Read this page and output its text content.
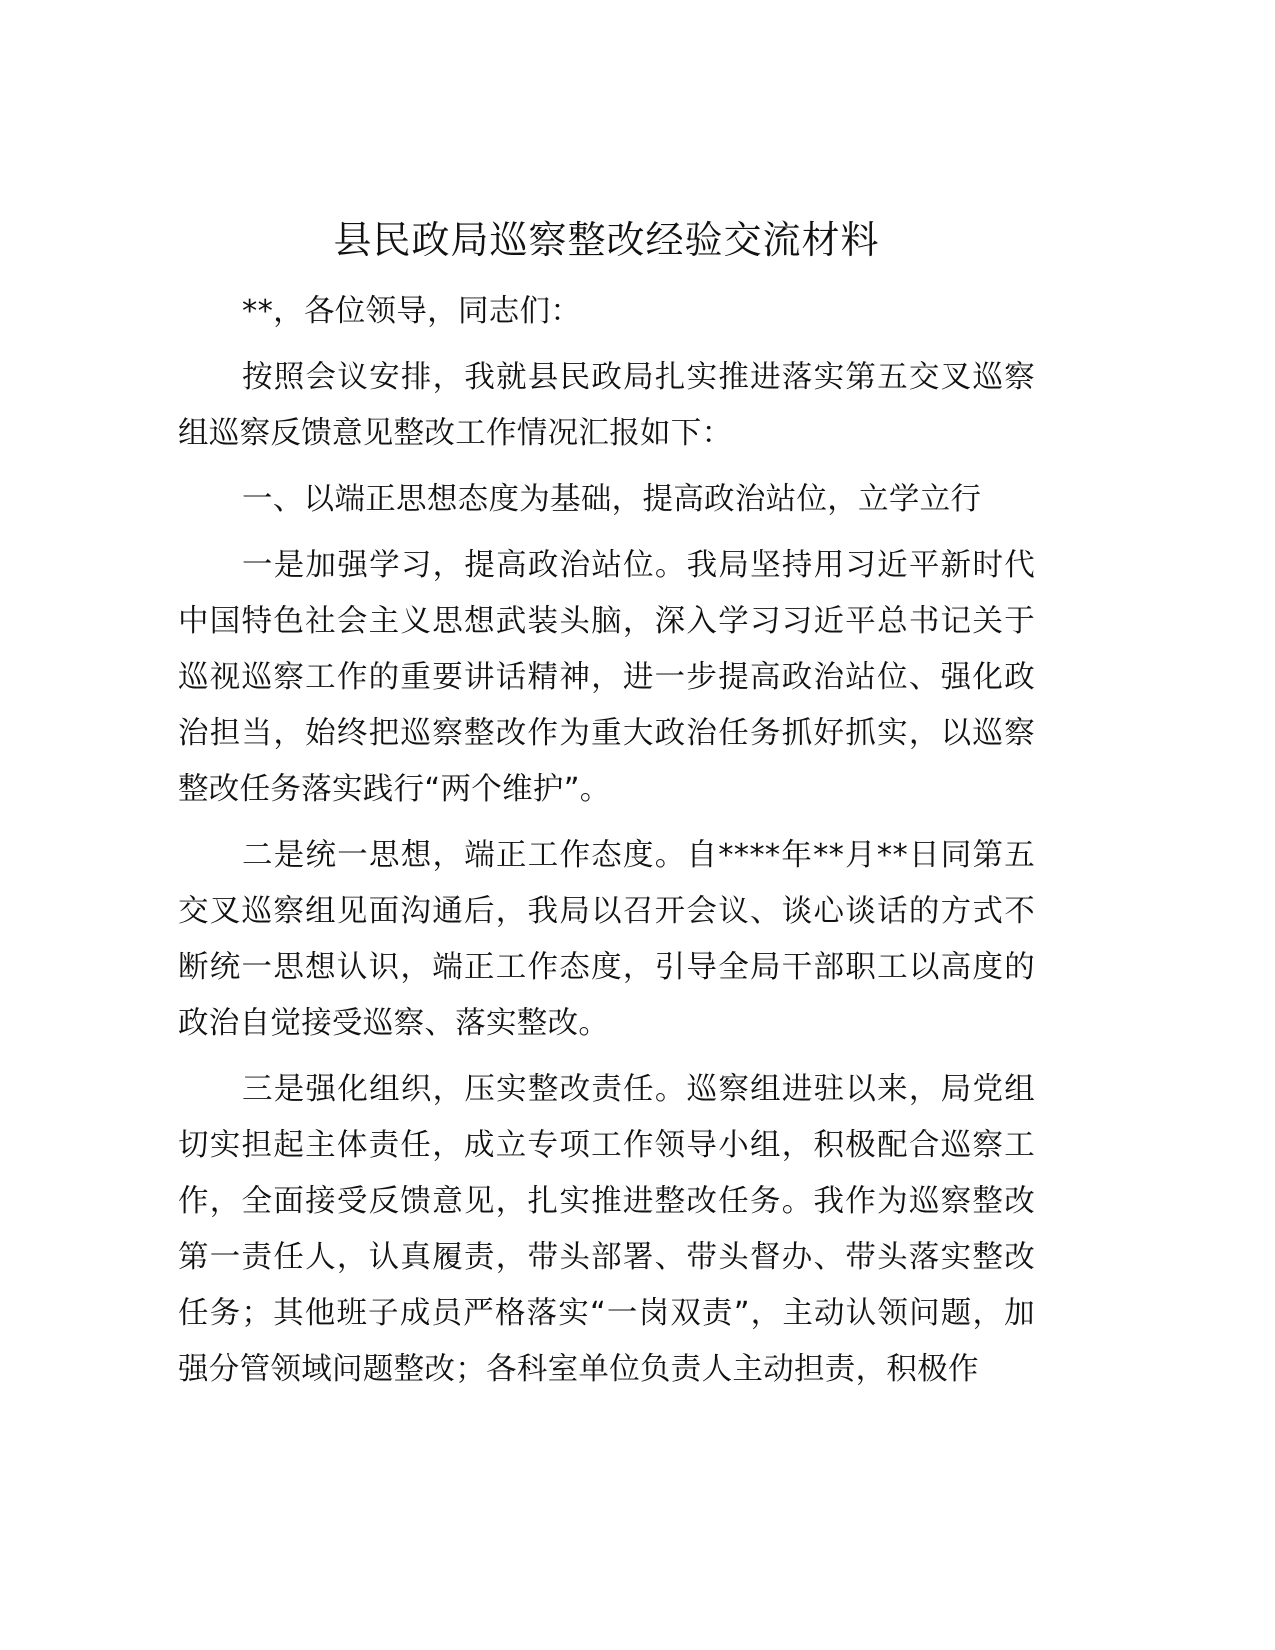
县民政局巡察整改经验交流材料

**，各位领导，同志们：

按照会议安排，我就县民政局扎实推进落实第五交叉巡察组巡察反馈意见整改工作情况汇报如下：

一、以端正思想态度为基础，提高政治站位，立学立行

一是加强学习，提高政治站位。我局坚持用习近平新时代中国特色社会主义思想武装头脑，深入学习习近平总书记关于巡视巡察工作的重要讲话精神，进一步提高政治站位、强化政治担当，始终把巡察整改作为重大政治任务抓好抓实，以巡察整改任务落实践行“两个维护”。

二是统一思想，端正工作态度。自****年**月**日同第五交叉巡察组见面沟通后，我局以召开会议、谈心谈话的方式不断统一思想认识，端正工作态度，引导全局干部职工以高度的政治自觉接受巡察、落实整改。

三是强化组织，压实整改责任。巡察组进驻以来，局党组切实担起主体责任，成立专项工作领导小组，积极配合巡察工作，全面接受反馈意见，扎实推进整改任务。我作为巡察整改第一责任人，认真履责，带头部署、带头督办、带头落实整改任务；其他班子成员严格落实“一岗双责”，主动认领问题，加强分管领域问题整改；各科室单位负责人主动担责，积极作
